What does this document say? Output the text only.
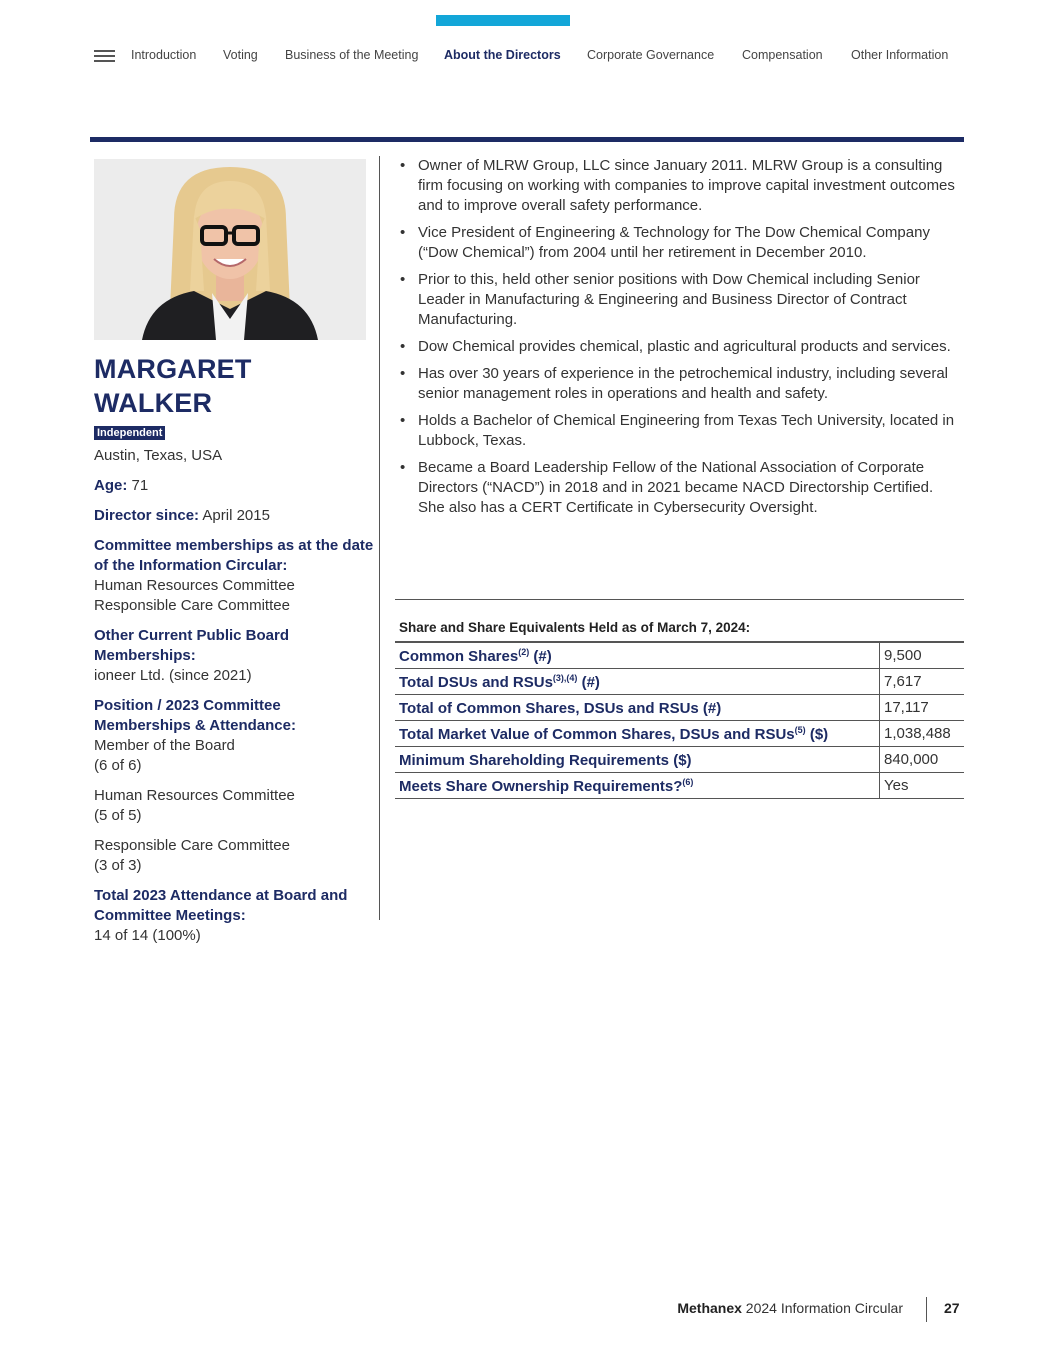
Introduction Voting Business of the Meeting About the Directors Corporate Governance Compensation Other Information
MARGARET WALKER
Independent
Austin, Texas, USA
Age: 71
Director since: April 2015
Committee memberships as at the date of the Information Circular:
Human Resources Committee
Responsible Care Committee
Other Current Public Board Memberships:
ioneer Ltd. (since 2021)
Position / 2023 Committee Memberships & Attendance:
Member of the Board
(6 of 6)
Human Resources Committee
(5 of 5)
Responsible Care Committee
(3 of 3)
Total 2023 Attendance at Board and Committee Meetings:
14 of 14 (100%)
• Owner of MLRW Group, LLC since January 2011. MLRW Group is a consulting firm focusing on working with companies to improve capital investment outcomes and to improve overall safety performance.
• Vice President of Engineering & Technology for The Dow Chemical Company (“Dow Chemical”) from 2004 until her retirement in December 2010.
• Prior to this, held other senior positions with Dow Chemical including Senior Leader in Manufacturing & Engineering and Business Director of Contract Manufacturing.
• Dow Chemical provides chemical, plastic and agricultural products and services.
• Has over 30 years of experience in the petrochemical industry, including several senior management roles in operations and health and safety.
• Holds a Bachelor of Chemical Engineering from Texas Tech University, located in Lubbock, Texas.
• Became a Board Leadership Fellow of the National Association of Corporate Directors (“NACD”) in 2018 and in 2021 became NACD Directorship Certified. She also has a CERT Certificate in Cybersecurity Oversight.
Share and Share Equivalents Held as of March 7, 2024:
Common Shares$^{(2)}$ (#)	9,500
Total DSUs and RSUs$^{(3),(4)}$ (#)	7,617
Total of Common Shares, DSUs and RSUs (#)	17,117
Total Market Value of Common Shares, DSUs and RSUs$^{(5)}$ ($)	1,038,488
Minimum Shareholding Requirements ($)	840,000
Meets Share Ownership Requirements?$^{(6)}$	Yes
Methanex 2024 Information Circular	27
